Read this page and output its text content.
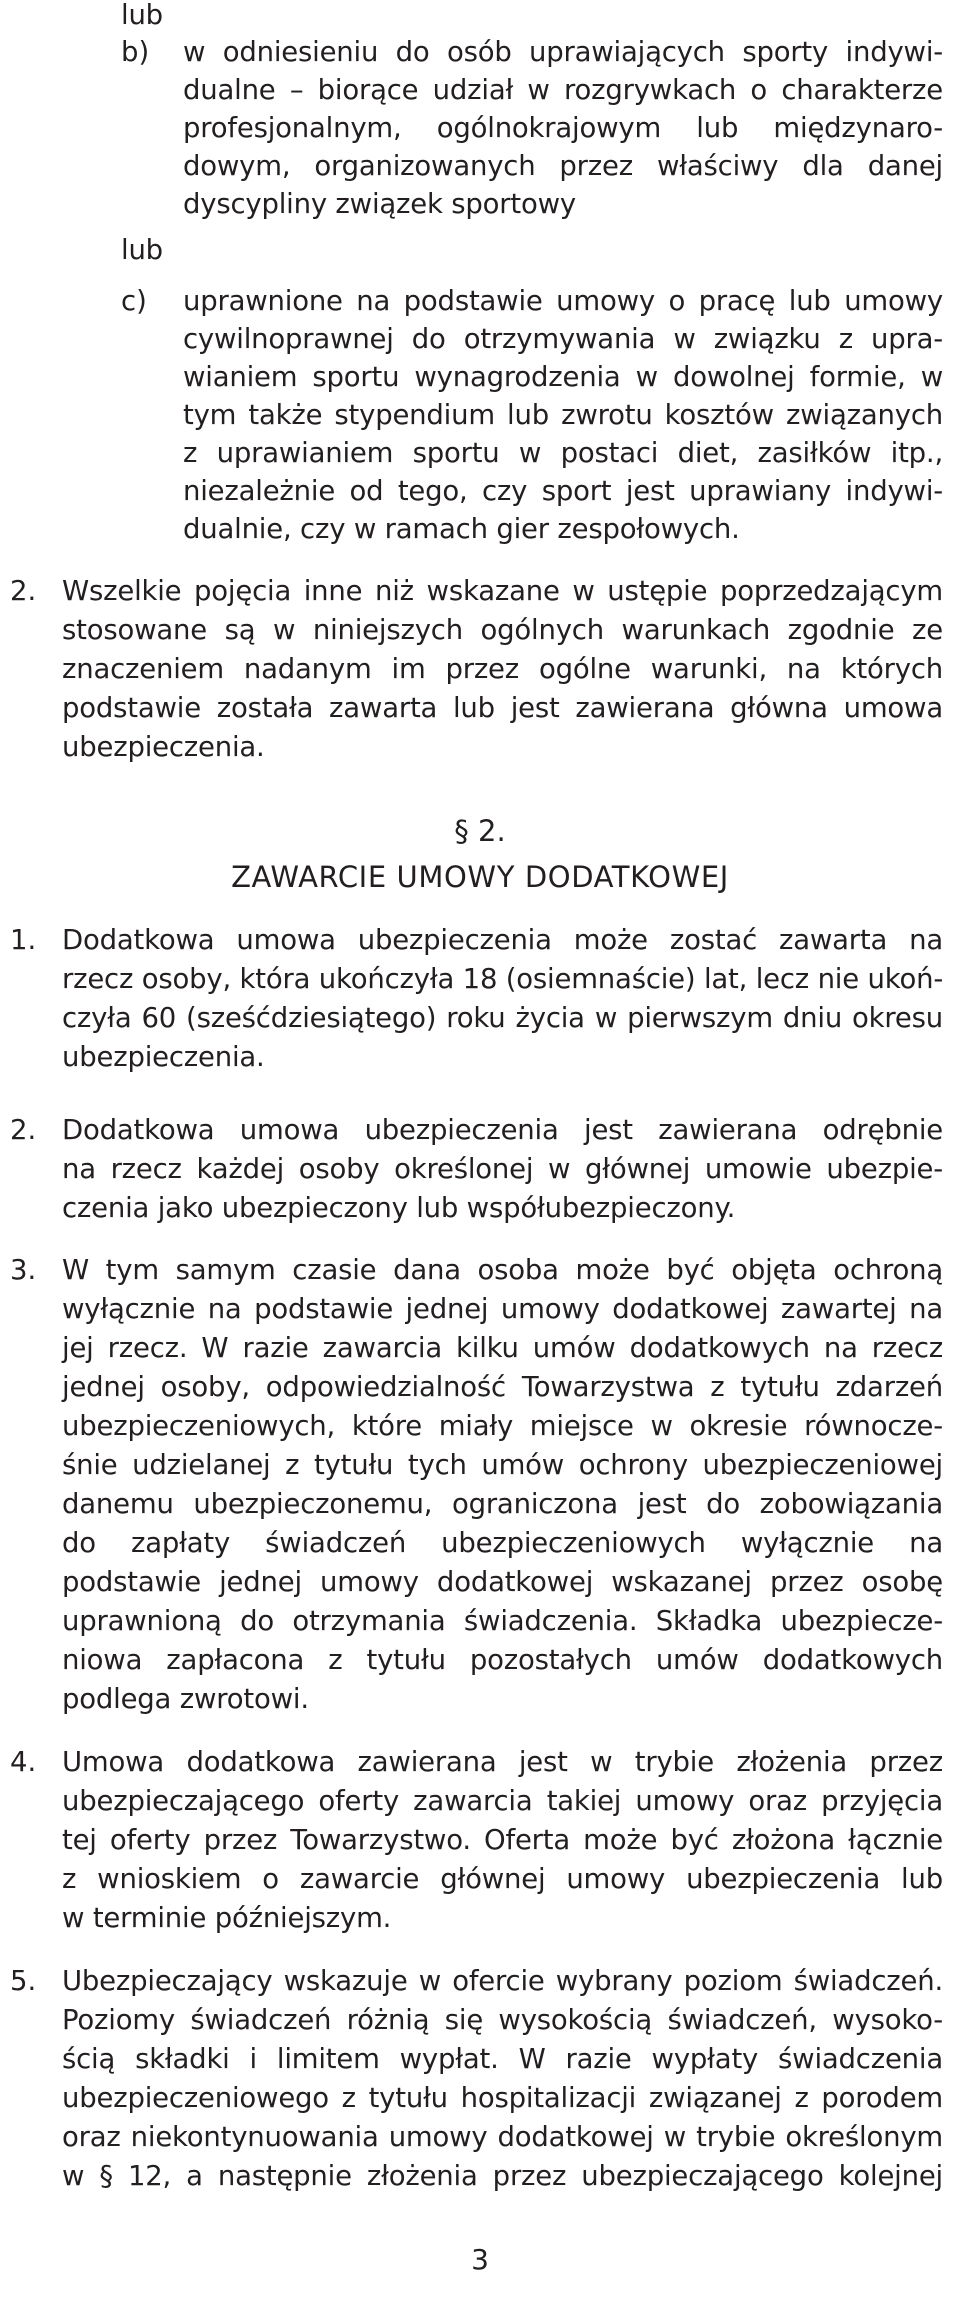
lub
b) w odniesieniu do osób uprawiających sporty indywi-
dualne – biorące udział w rozgrywkach o charakterze
profesjonalnym, ogólnokrajowym lub międzynaro-
dowym, organizowanych przez właściwy dla danej
dyscypliny związek sportowy
lub
c) uprawnione na podstawie umowy o pracę lub umowy
cywilnoprawnej do otrzymywania w związku z upra-
wianiem sportu wynagrodzenia w dowolnej formie, w
tym także stypendium lub zwrotu kosztów związanych
z uprawianiem sportu w postaci diet, zasiłków itp.,
niezależnie od tego, czy sport jest uprawiany indywi-
dualnie, czy w ramach gier zespołowych.
2. Wszelkie pojęcia inne niż wskazane w ustępie poprzedzającym
stosowane są w niniejszych ogólnych warunkach zgodnie ze
znaczeniem nadanym im przez ogólne warunki, na których
podstawie została zawarta lub jest zawierana główna umowa
ubezpieczenia.
§ 2.
ZAWARCIE UMOWY DODATKOWEJ
1. Dodatkowa umowa ubezpieczenia może zostać zawarta na
rzecz osoby, która ukończyła 18 (osiemnaście) lat, lecz nie ukoń-
czyła 60 (sześćdziesiątego) roku życia w pierwszym dniu okresu
ubezpieczenia.
2. Dodatkowa umowa ubezpieczenia jest zawierana odrębnie
na rzecz każdej osoby określonej w głównej umowie ubezpie-
czenia jako ubezpieczony lub współubezpieczony.
3. W tym samym czasie dana osoba może być objęta ochroną
wyłącznie na podstawie jednej umowy dodatkowej zawartej na
jej rzecz. W razie zawarcia kilku umów dodatkowych na rzecz
jednej osoby, odpowiedzialność Towarzystwa z tytułu zdarzeń
ubezpieczeniowych, które miały miejsce w okresie równocze-
śnie udzielanej z tytułu tych umów ochrony ubezpieczeniowej
danemu ubezpieczonemu, ograniczona jest do zobowiązania
do zapłaty świadczeń ubezpieczeniowych wyłącznie na
podstawie jednej umowy dodatkowej wskazanej przez osobę
uprawnioną do otrzymania świadczenia. Składka ubezpiecze-
niowa zapłacona z tytułu pozostałych umów dodatkowych
podlega zwrotowi.
4. Umowa dodatkowa zawierana jest w trybie złożenia przez
ubezpieczającego oferty zawarcia takiej umowy oraz przyjęcia
tej oferty przez Towarzystwo. Oferta może być złożona łącznie
z wnioskiem o zawarcie głównej umowy ubezpieczenia lub
w terminie późniejszym.
5. Ubezpieczający wskazuje w ofercie wybrany poziom świadczeń.
Poziomy świadczeń różnią się wysokością świadczeń, wysoko-
ścią składki i limitem wypłat. W razie wypłaty świadczenia
ubezpieczeniowego z tytułu hospitalizacji związanej z porodem
oraz niekontynuowania umowy dodatkowej w trybie określonym
w § 12, a następnie złożenia przez ubezpieczającego kolejnej
3
